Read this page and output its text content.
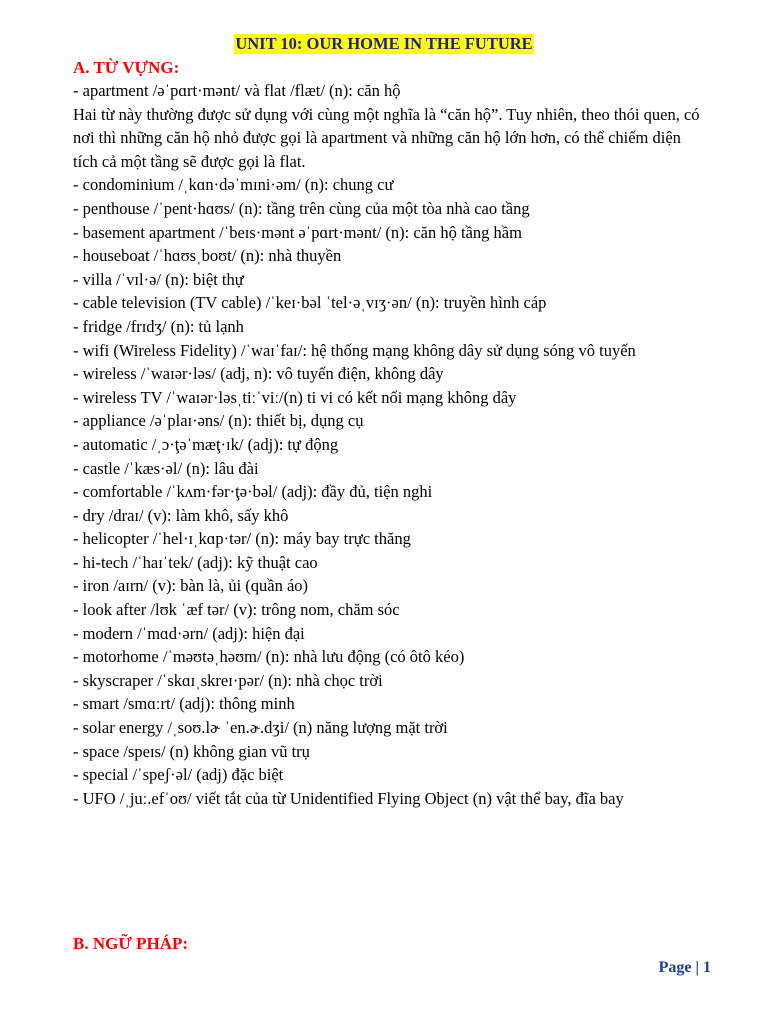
UNIT 10: OUR HOME IN THE FUTURE
A. TỪ VỰNG:
- apartment /əˈpɑrt·mənt/ và flat /flæt/ (n): căn hộ

Hai từ này thường được sử dụng với cùng một nghĩa là “căn hộ”. Tuy nhiên, theo thói quen, có nơi thì những căn hộ nhỏ được gọi là apartment và những căn hộ lớn hơn, có thể chiếm diện tích cả một tầng sẽ được gọi là flat.

- condominium /ˌkɑn·dəˈmɪni·əm/ (n): chung cư
- penthouse /ˈpent·hɑʊs/ (n): tầng trên cùng của một tòa nhà cao tầng
- basement apartment /ˈbeɪs·mənt əˈpɑrt·mənt/ (n): căn hộ tầng hầm
- houseboat /ˈhɑʊsˌboʊt/ (n): nhà thuyền
- villa /ˈvɪl·ə/ (n): biệt thự
- cable television (TV cable) /ˈkeɪ·bəl ˈtel·əˌvɪʒ·ən/ (n): truyền hình cáp
- fridge /frɪdʒ/ (n): tủ lạnh
- wifi (Wireless Fidelity) /ˈwaɪˈfaɪ/: hệ thống mạng không dây sử dụng sóng vô tuyến
- wireless /ˈwaɪər·ləs/ (adj, n): vô tuyến điện, không dây
- wireless TV /ˈwaɪər·ləsˌtiːˈviː/(n) ti vi có kết nối mạng không dây
- appliance /əˈplaɪ·əns/ (n): thiết bị, dụng cụ
- automatic /ˌɔ·ţəˈmæţ·ɪk/ (adj): tự động
- castle /ˈkæs·əl/ (n): lâu đài
- comfortable /ˈkʌm·fər·ţə·bəl/ (adj): đầy đủ, tiện nghi
- dry /draɪ/ (v): làm khô, sấy khô
- helicopter /ˈhel·ɪˌkɑp·tər/ (n): máy bay trực thăng
- hi-tech /ˈhaɪˈtek/ (adj): kỹ thuật cao
- iron /aɪrn/ (v): bàn là, ủi (quần áo)
- look after /lʊk ˈæf tər/ (v): trông nom, chăm sóc
- modern /ˈmɑd·ərn/ (adj): hiện đại
- motorhome /ˈməʊtəˌhəʊm/ (n): nhà lưu động (có ôtô kéo)
- skyscraper /ˈskɑɪˌskreɪ·pər/ (n): nhà chọc trời
- smart /smɑːrt/ (adj): thông minh
- solar energy /ˌsoʊ.lɚ ˈen.ɚ.dʒi/ (n) năng lượng mặt trời
- space /speɪs/ (n) không gian vũ trụ
- special /ˈspeʃ·əl/ (adj) đặc biệt
- UFO /ˌjuː.efˈoʊ/ viết tắt của từ Unidentified Flying Object (n) vật thể bay, đĩa bay
B. NGỮ PHÁP:
Page | 1
